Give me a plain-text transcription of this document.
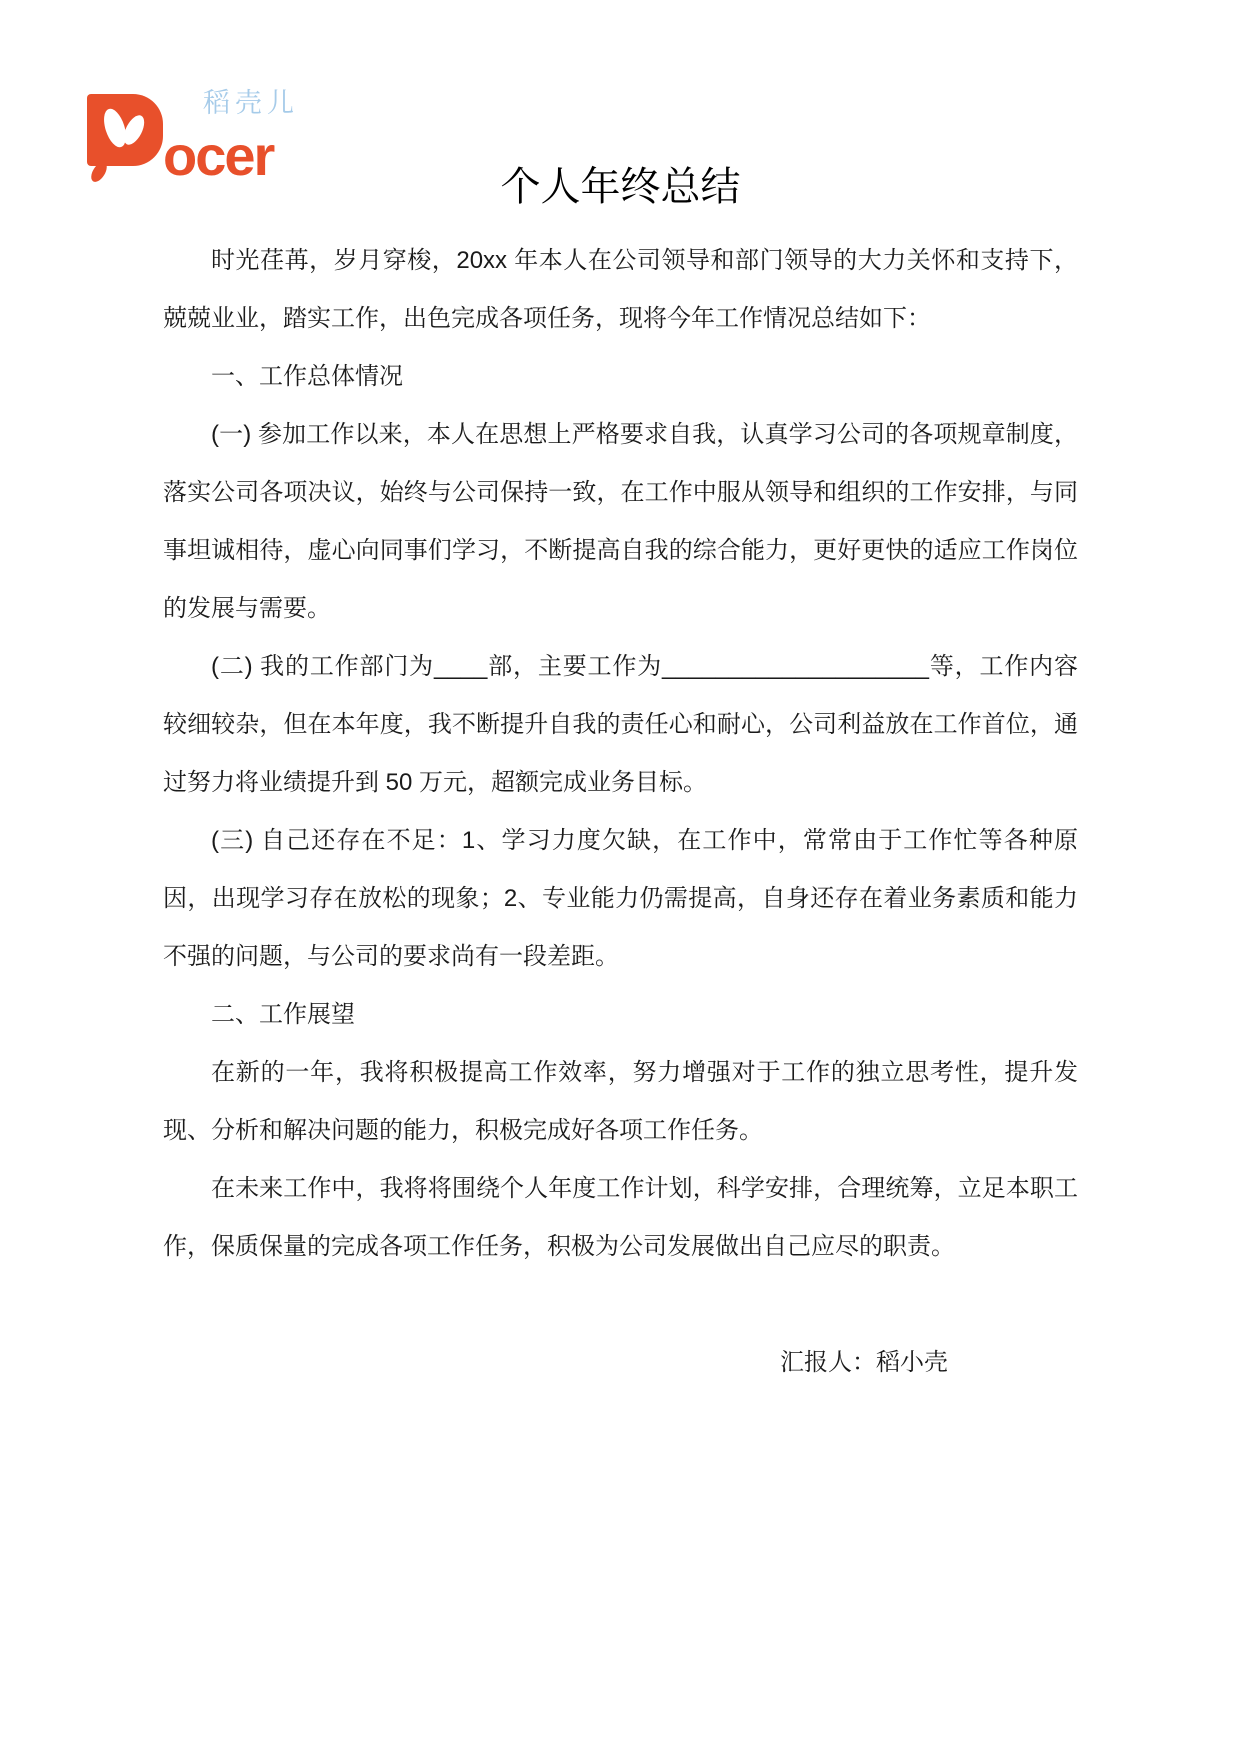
稻壳儿
ocer	个人年终总结

时光荏苒，岁月穿梭，20xx 年本人在公司领导和部门领导的大力关怀和支持下，兢兢业业，踏实工作，出色完成各项任务，现将今年工作情况总结如下：

一、工作总体情况

(一) 参加工作以来，本人在思想上严格要求自我，认真学习公司的各项规章制度，落实公司各项决议，始终与公司保持一致，在工作中服从领导和组织的工作安排，与同事坦诚相待，虚心向同事们学习，不断提高自我的综合能力，更好更快的适应工作岗位的发展与需要。

(二) 我的工作部门为____部，主要工作为____________________等，工作内容较细较杂，但在本年度，我不断提升自我的责任心和耐心，公司利益放在工作首位，通过努力将业绩提升到 50 万元，超额完成业务目标。

(三) 自己还存在不足：1、学习力度欠缺，在工作中，常常由于工作忙等各种原因，出现学习存在放松的现象；2、专业能力仍需提高，自身还存在着业务素质和能力不强的问题，与公司的要求尚有一段差距。

二、工作展望

在新的一年，我将积极提高工作效率，努力增强对于工作的独立思考性，提升发现、分析和解决问题的能力，积极完成好各项工作任务。

在未来工作中，我将将围绕个人年度工作计划，科学安排，合理统筹，立足本职工作，保质保量的完成各项工作任务，积极为公司发展做出自己应尽的职责。

汇报人：稻小壳
